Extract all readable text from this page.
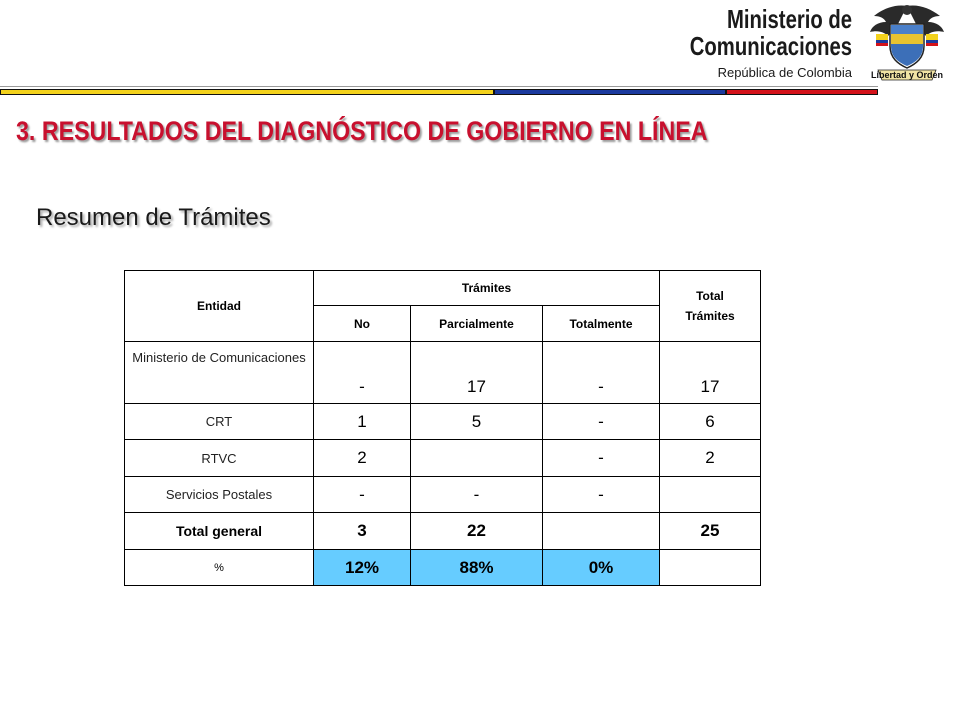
Ministerio de
Comunicaciones
República de Colombia	Libertad y Orden
3. RESULTADOS DEL DIAGNÓSTICO DE GOBIERNO EN LÍNEA
Resumen de Trámites
Entidad	Trámites			Total Trámites
	No	Parcialmente	Totalmente	
Ministerio de Comunicaciones	-	17	-	17
CRT	1	5	-	6
RTVC	2		-	2
Servicios Postales	-	-	-	
Total general	3	22		25
%	12%	88%	0%	
